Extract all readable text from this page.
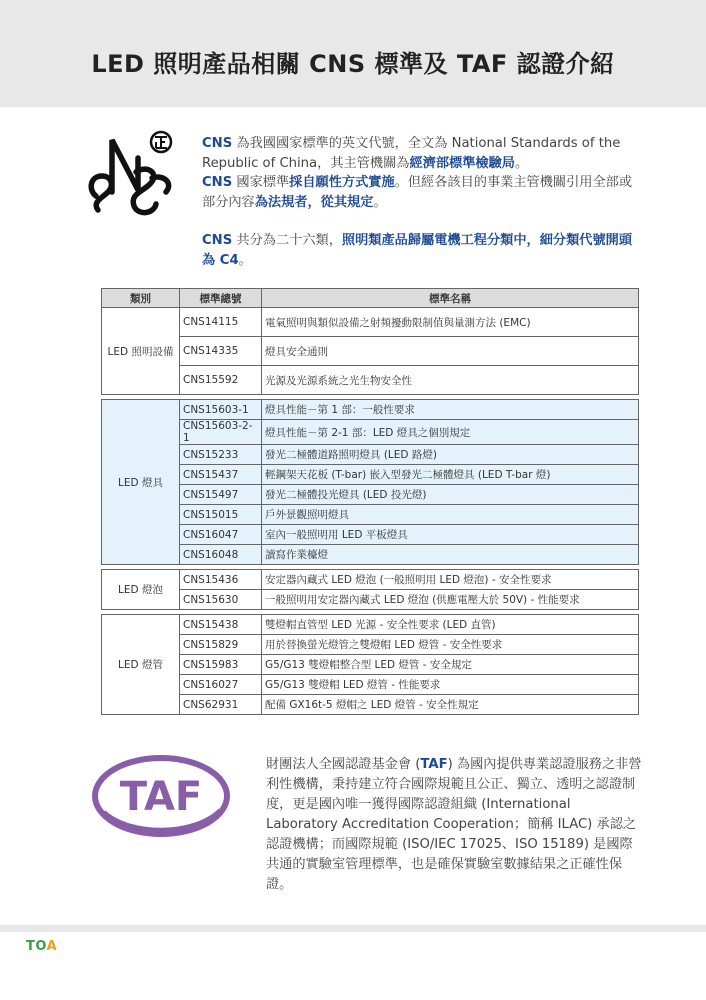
LED 照明產品相關 CNS 標準及 TAF 認證介紹

CNS 為我國國家標準的英文代號，全文為 National Standards of the Republic of China，其主管機關為經濟部標準檢驗局。

CNS 國家標準採自願性方式實施。但經各該目的事業主管機關引用全部或部分內容為法規者，從其規定。

CNS 共分為二十六類，照明類產品歸屬電機工程分類中，細分類代號開頭為 C4。

類別	標準總號	標準名稱
LED 照明設備	CNS14115	電氣照明與類似設備之射頻擾動限制值與量測方法 (EMC)
	CNS14335	燈具安全通則
	CNS15592	光源及光源系統之光生物安全性

LED 燈具	CNS15603-1	燈具性能－第 1 部：一般性要求
	CNS15603-2-1	燈具性能－第 2-1 部：LED 燈具之個別規定
	CNS15233	發光二極體道路照明燈具 (LED 路燈)
	CNS15437	輕鋼架天花板 (T-bar) 嵌入型發光二極體燈具 (LED T-bar 燈)
	CNS15497	發光二極體投光燈具 (LED 投光燈)
	CNS15015	戶外景觀照明燈具
	CNS16047	室內一般照明用 LED 平板燈具
	CNS16048	讀寫作業檯燈

LED 燈泡	CNS15436	安定器內藏式 LED 燈泡 (一般照明用 LED 燈泡) - 安全性要求
	CNS15630	一般照明用安定器內藏式 LED 燈泡 (供應電壓大於 50V) - 性能要求

LED 燈管	CNS15438	雙燈帽直管型 LED 光源 - 安全性要求 (LED 直管)
	CNS15829	用於替換螢光燈管之雙燈帽 LED 燈管 - 安全性要求
	CNS15983	G5/G13 雙燈帽整合型 LED 燈管 - 安全規定
	CNS16027	G5/G13 雙燈帽 LED 燈管 - 性能要求
	CNS62931	配備 GX16t-5 燈帽之 LED 燈管 - 安全性規定
TAF

財團法人全國認證基金會 (TAF) 為國內提供專業認證服務之非營利性機構，秉持建立符合國際規範且公正、獨立、透明之認證制度，更是國內唯一獲得國際認證組織 (International Laboratory Accreditation Cooperation；簡稱 ILAC) 承認之認證機構；而國際規範 (ISO/IEC 17025、ISO 15189) 是國際共通的實驗室管理標準，也是確保實驗室數據結果之正確性保證。

TOA
